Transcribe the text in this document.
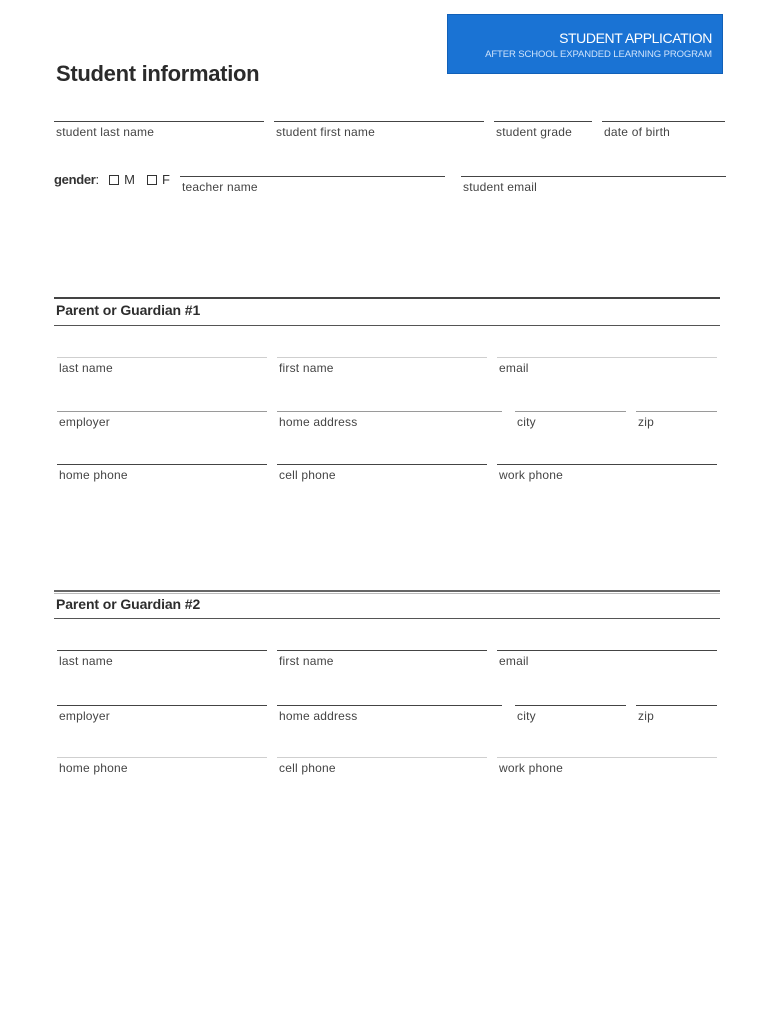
STUDENT APPLICATION
AFTER SCHOOL EXPANDED LEARNING PROGRAM
Student information
student last name	student first name	student grade	date of birth
gender : M F teacher name	student email
Parent or Guardian #1
last name	first name	email
employer	home address	city	zip
home phone	cell phone	work phone
Parent or Guardian #2
last name	first name	email
employer	home address	city	zip
home phone	cell phone	work phone
